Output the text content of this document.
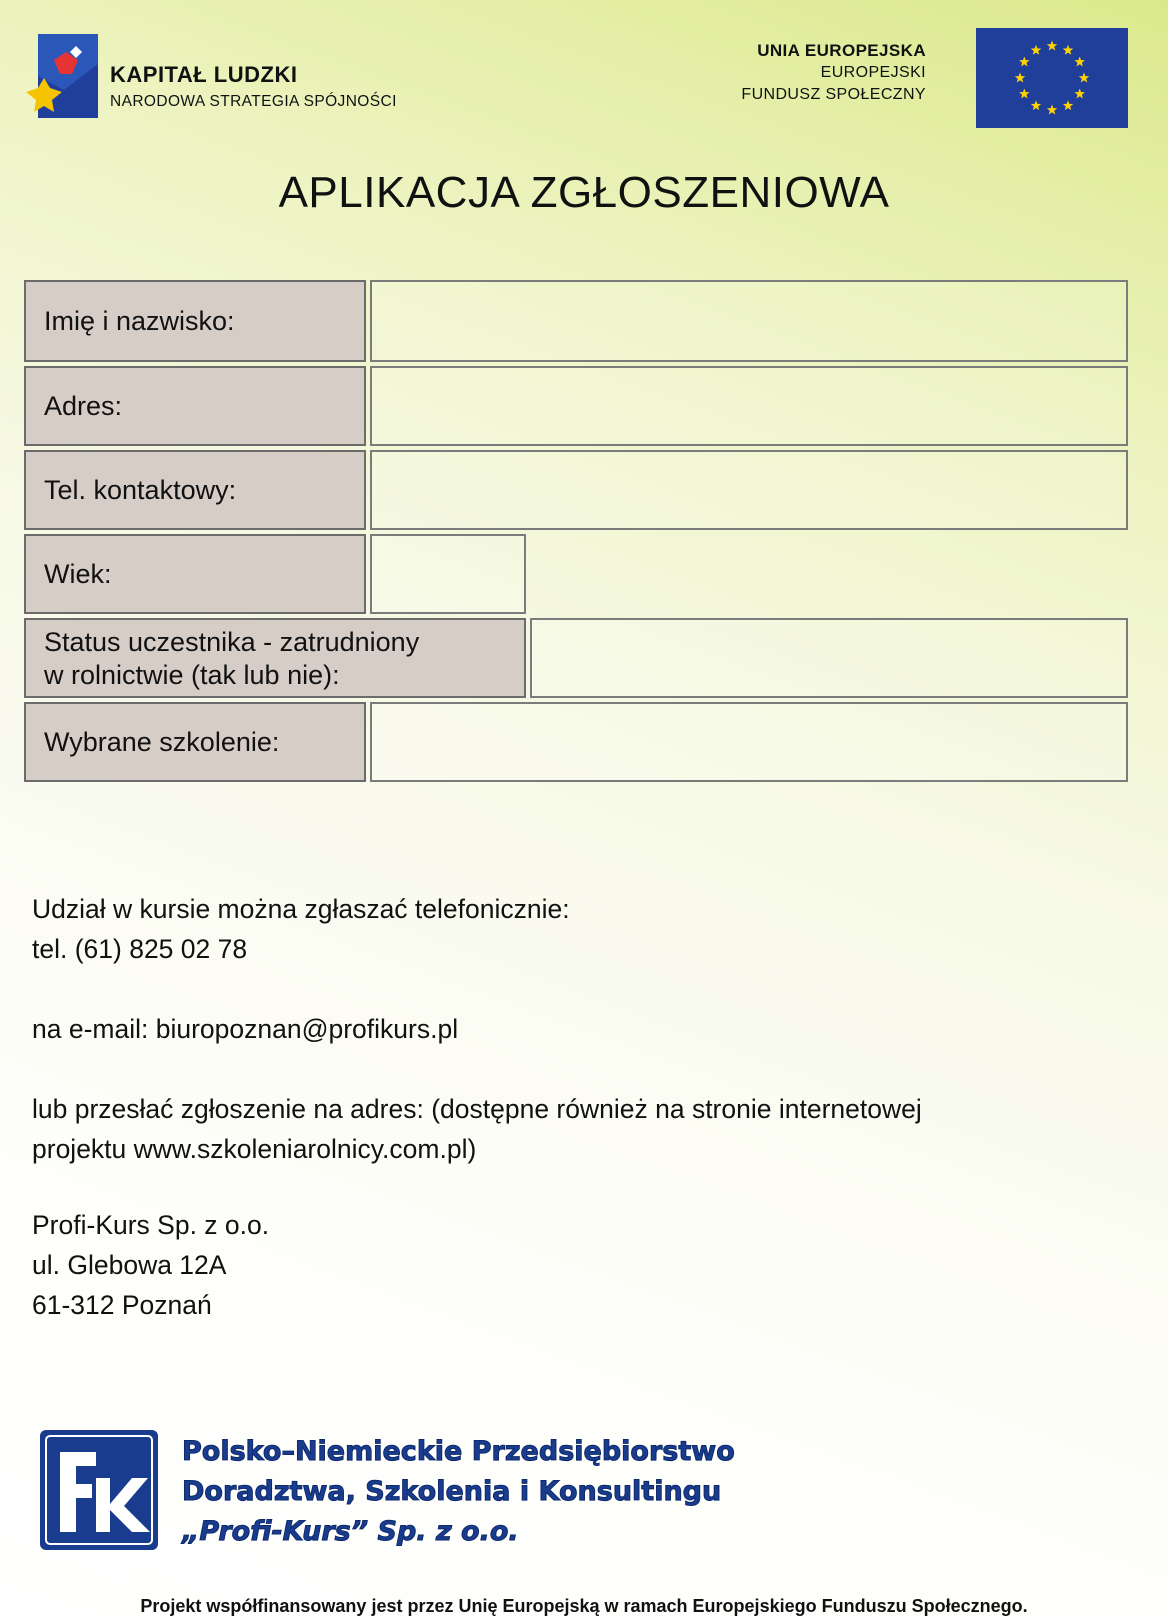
KAPITAŁ LUDZKI
NARODOWA STRATEGIA SPÓJNOŚCI
UNIA EUROPEJSKA
EUROPEJSKI
FUNDUSZ SPOŁECZNY
APLIKACJA ZGŁOSZENIOWA
Imię i nazwisko:
Adres:
Tel. kontaktowy:
Wiek:
Status uczestnika - zatrudniony
w rolnictwie (tak lub nie):
Wybrane szkolenie:
Udział w kursie można zgłaszać telefonicznie:
tel. (61) 825 02 78
na e-mail: biuropoznan@profikurs.pl
lub przesłać zgłoszenie na adres: (dostępne również na stronie internetowej
projektu www.szkoleniarolnicy.com.pl)
Profi-Kurs Sp. z o.o.
ul. Glebowa 12A
61-312 Poznań
Polsko–Niemieckie Przedsiębiorstwo
Doradztwa, Szkolenia i Konsultingu
„Profi-Kurs” Sp. z o.o.
Projekt współfinansowany jest przez Unię Europejską w ramach Europejskiego Funduszu Społecznego.
